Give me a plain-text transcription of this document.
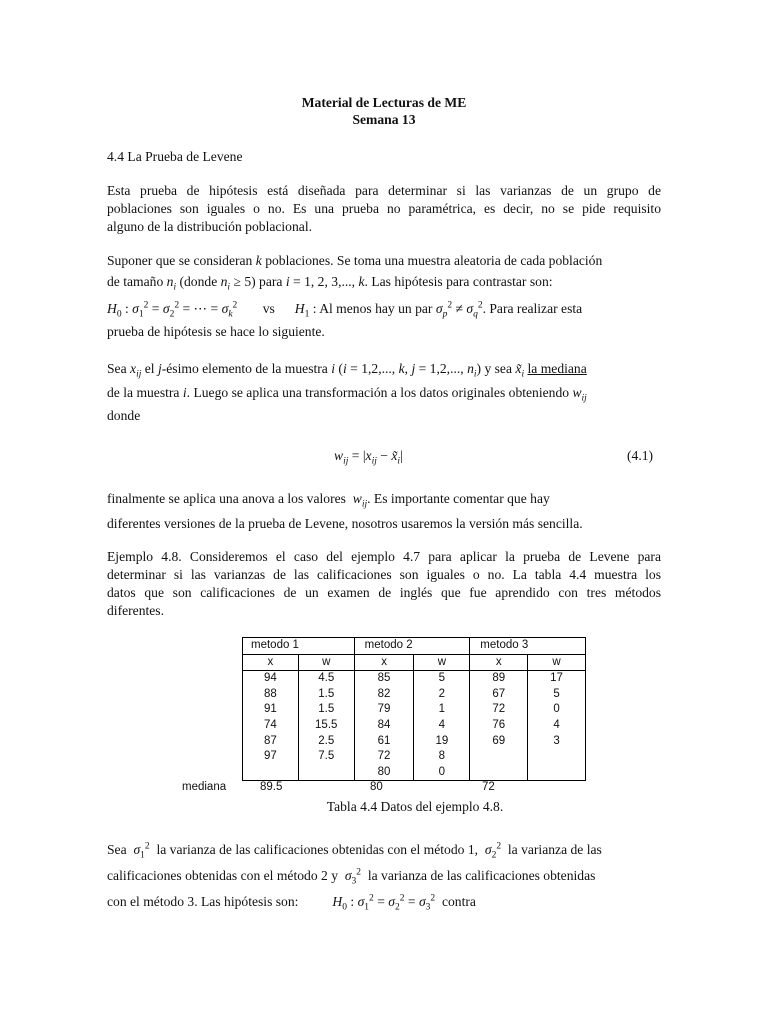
Material de Lecturas de ME
Semana 13
4.4 La Prueba de Levene
Esta prueba de hipótesis está diseñada para determinar si las varianzas de un grupo de
poblaciones son iguales o no. Es una prueba no paramétrica, es decir, no se pide requisito
alguno de la distribución poblacional.
Suponer que se consideran k poblaciones. Se toma una muestra aleatoria de cada población
de tamaño $n_i$ (donde $n_i \ge 5$) para i = 1, 2, 3,..., k. Las hipótesis para contrastar son:
$H_0$ : $\sigma_1^2 = \sigma_2^2$ = ⋯ = $\sigma_k^2$ vs $H_1$ : Al menos hay un par $\sigma_p^2 \ne \sigma_q^2$. Para realizar esta
prueba de hipótesis se hace lo siguiente.
Sea $x_{ij}$ el j-ésimo elemento de la muestra i (i = 1,2,..., k, j = 1,2,..., $n_i$) y sea $x̃_i$ la mediana
de la muestra i. Luego se aplica una transformación a los datos originales obteniendo $w_{ij}$
donde
$w_{ij} = |x_{ij}$ − $x̃_i|$	(4.1)
finalmente se aplica una anova a los valores $w_{ij}$. Es importante comentar que hay
diferentes versiones de la prueba de Levene, nosotros usaremos la versión más sencilla.
Ejemplo 4.8. Consideremos el caso del ejemplo 4.7 para aplicar la prueba de Levene para
determinar si las varianzas de las calificaciones son iguales o no. La tabla 4.4 muestra los
datos que son calificaciones de un examen de inglés que fue aprendido con tres métodos
diferentes.
metodo 1		metodo 2		metodo 3	
x	w	x	w	x	w
94	4.5	85	5	89	17
88	1.5	82	2	67	5
91	1.5	79	1	72	0
74	15.5	84	4	76	4
87	2.5	61	19	69	3
97	7.5	72	8		
		80	0		
mediana	89.5	80	72
Tabla 4.4 Datos del ejemplo 4.8.
Sea $\sigma_1^2$ la varianza de las calificaciones obtenidas con el método 1, $\sigma_2^2$ la varianza de las
calificaciones obtenidas con el método 2 y $\sigma_3^2$ la varianza de las calificaciones obtenidas
con el método 3. Las hipótesis son:	$H_0$ : $\sigma_1^2 = \sigma_2^2 = \sigma_3^2$ contra
